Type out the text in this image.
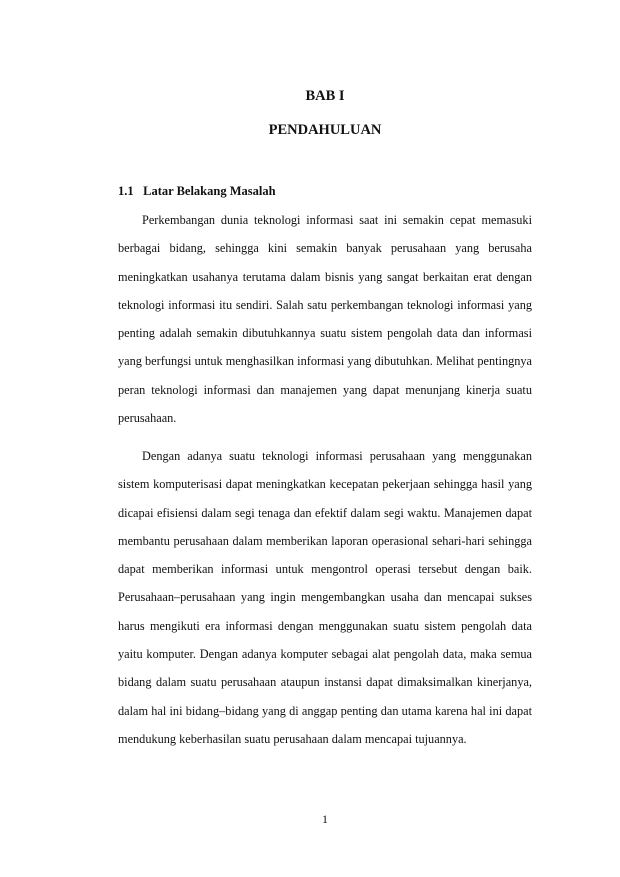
BAB I
PENDAHULUAN
1.1 Latar Belakang Masalah

Perkembangan dunia teknologi informasi saat ini semakin cepat memasuki berbagai bidang, sehingga kini semakin banyak perusahaan yang berusaha meningkatkan usahanya terutama dalam bisnis yang sangat berkaitan erat dengan teknologi informasi itu sendiri. Salah satu perkembangan teknologi informasi yang penting adalah semakin dibutuhkannya suatu sistem pengolah data dan informasi yang berfungsi untuk menghasilkan informasi yang dibutuhkan. Melihat pentingnya peran teknologi informasi dan manajemen yang dapat menunjang kinerja suatu perusahaan.

Dengan adanya suatu teknologi informasi perusahaan yang menggunakan sistem komputerisasi dapat meningkatkan kecepatan pekerjaan sehingga hasil yang dicapai efisiensi dalam segi tenaga dan efektif dalam segi waktu. Manajemen dapat membantu perusahaan dalam memberikan laporan operasional sehari-hari sehingga dapat memberikan informasi untuk mengontrol operasi tersebut dengan baik. Perusahaan–perusahaan yang ingin mengembangkan usaha dan mencapai sukses harus mengikuti era informasi dengan menggunakan suatu sistem pengolah data yaitu komputer. Dengan adanya komputer sebagai alat pengolah data, maka semua bidang dalam suatu perusahaan ataupun instansi dapat dimaksimalkan kinerjanya, dalam hal ini bidang–bidang yang di anggap penting dan utama karena hal ini dapat mendukung keberhasilan suatu perusahaan dalam mencapai tujuannya.

1
